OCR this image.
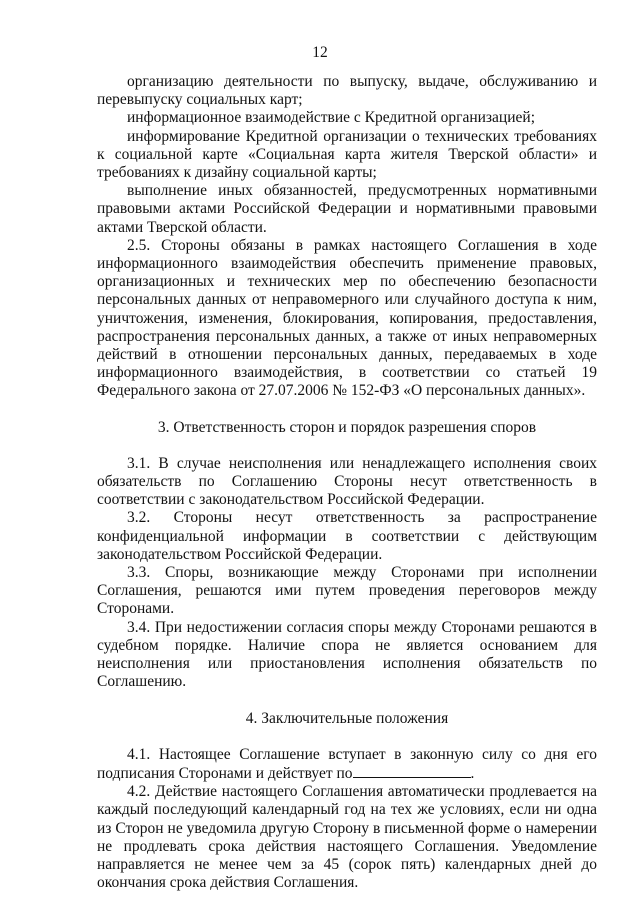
12

организацию деятельности по выпуску, выдаче, обслуживанию и перевыпуску социальных карт;

информационное взаимодействие с Кредитной организацией;

информирование Кредитной организации о технических требованиях к социальной карте «Социальная карта жителя Тверской области» и требованиях к дизайну социальной карты;

выполнение иных обязанностей, предусмотренных нормативными правовыми актами Российской Федерации и нормативными правовыми актами Тверской области.

2.5. Стороны обязаны в рамках настоящего Соглашения в ходе информационного взаимодействия обеспечить применение правовых, организационных и технических мер по обеспечению безопасности персональных данных от неправомерного или случайного доступа к ним, уничтожения, изменения, блокирования, копирования, предоставления, распространения персональных данных, а также от иных неправомерных действий в отношении персональных данных, передаваемых в ходе информационного взаимодействия, в соответствии со статьей 19 Федерального закона от 27.07.2006 № 152-ФЗ «О персональных данных».

3. Ответственность сторон и порядок разрешения споров

3.1. В случае неисполнения или ненадлежащего исполнения своих обязательств по Соглашению Стороны несут ответственность в соответствии с законодательством Российской Федерации.

3.2. Стороны несут ответственность за распространение конфиденциальной информации в соответствии с действующим законодательством Российской Федерации.

3.3. Споры, возникающие между Сторонами при исполнении Соглашения, решаются ими путем проведения переговоров между Сторонами.

3.4. При недостижении согласия споры между Сторонами решаются в судебном порядке. Наличие спора не является основанием для неисполнения или приостановления исполнения обязательств по Соглашению.

4. Заключительные положения

4.1. Настоящее Соглашение вступает в законную силу со дня его подписания Сторонами и действует по	.

4.2. Действие настоящего Соглашения автоматически продлевается на каждый последующий календарный год на тех же условиях, если ни одна из Сторон не уведомила другую Сторону в письменной форме о намерении не продлевать срока действия настоящего Соглашения. Уведомление направляется не менее чем за 45 (сорок пять) календарных дней до окончания срока действия Соглашения.
